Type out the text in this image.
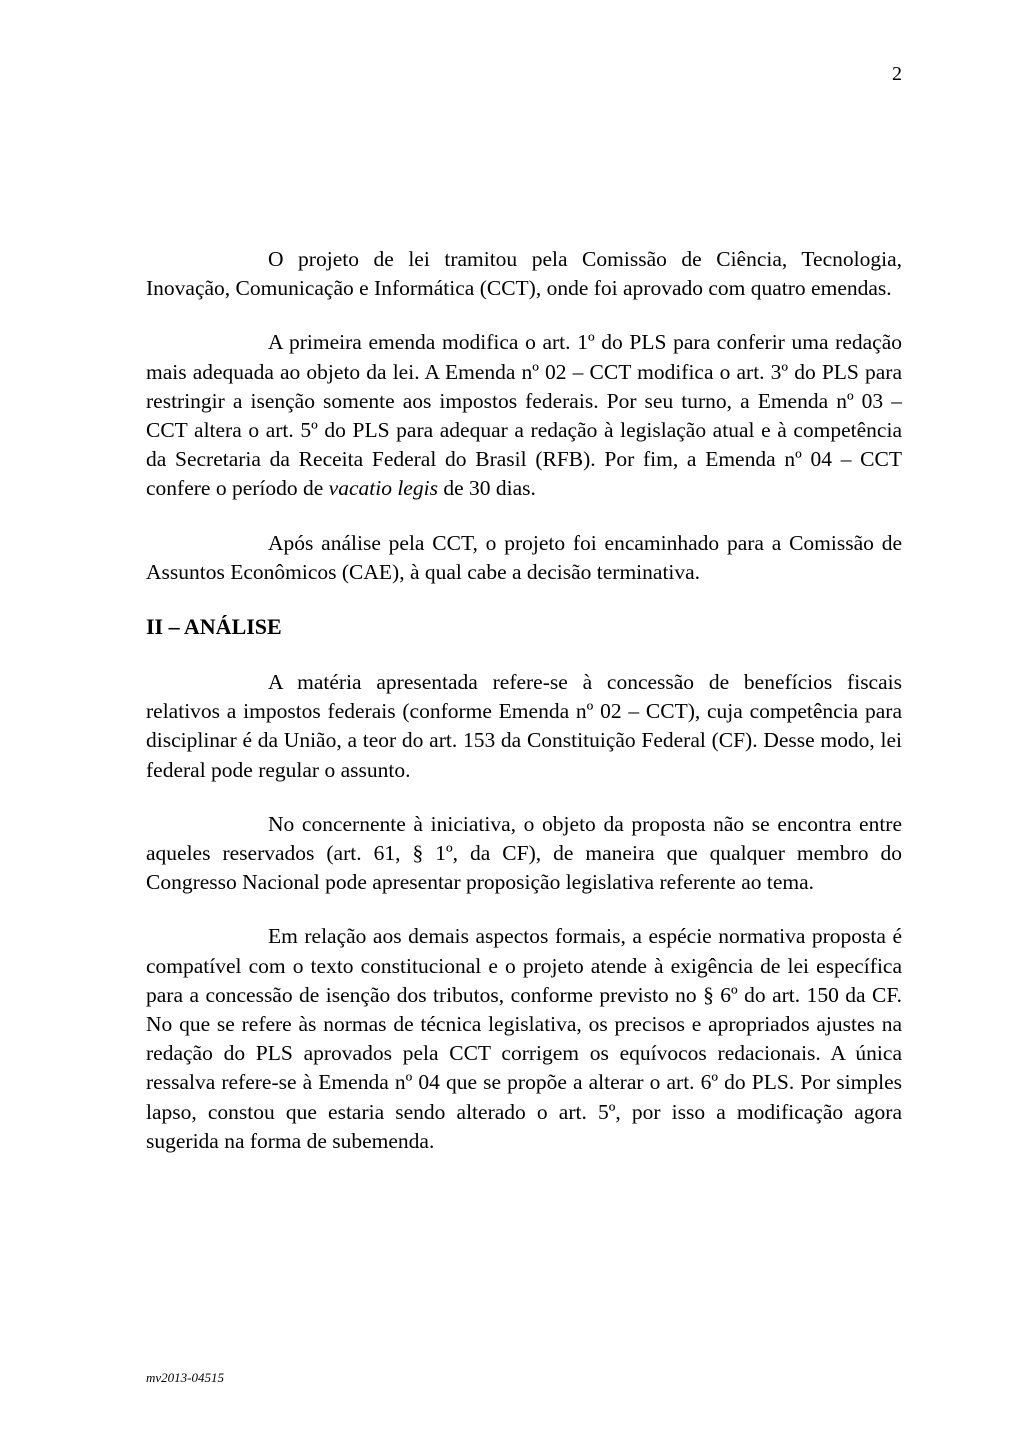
2

O projeto de lei tramitou pela Comissão de Ciência, Tecnologia, Inovação, Comunicação e Informática (CCT), onde foi aprovado com quatro emendas.

A primeira emenda modifica o art. 1º do PLS para conferir uma redação mais adequada ao objeto da lei. A Emenda nº 02 – CCT modifica o art. 3º do PLS para restringir a isenção somente aos impostos federais. Por seu turno, a Emenda nº 03 – CCT altera o art. 5º do PLS para adequar a redação à legislação atual e à competência da Secretaria da Receita Federal do Brasil (RFB). Por fim, a Emenda nº 04 – CCT confere o período de vacatio legis de 30 dias.

Após análise pela CCT, o projeto foi encaminhado para a Comissão de Assuntos Econômicos (CAE), à qual cabe a decisão terminativa.

II – ANÁLISE

A matéria apresentada refere-se à concessão de benefícios fiscais relativos a impostos federais (conforme Emenda nº 02 – CCT), cuja competência para disciplinar é da União, a teor do art. 153 da Constituição Federal (CF). Desse modo, lei federal pode regular o assunto.

No concernente à iniciativa, o objeto da proposta não se encontra entre aqueles reservados (art. 61, § 1º, da CF), de maneira que qualquer membro do Congresso Nacional pode apresentar proposição legislativa referente ao tema.

Em relação aos demais aspectos formais, a espécie normativa proposta é compatível com o texto constitucional e o projeto atende à exigência de lei específica para a concessão de isenção dos tributos, conforme previsto no § 6º do art. 150 da CF. No que se refere às normas de técnica legislativa, os precisos e apropriados ajustes na redação do PLS aprovados pela CCT corrigem os equívocos redacionais. A única ressalva refere-se à Emenda nº 04 que se propõe a alterar o art. 6º do PLS. Por simples lapso, constou que estaria sendo alterado o art. 5º, por isso a modificação agora sugerida na forma de subemenda.

mv2013-04515
